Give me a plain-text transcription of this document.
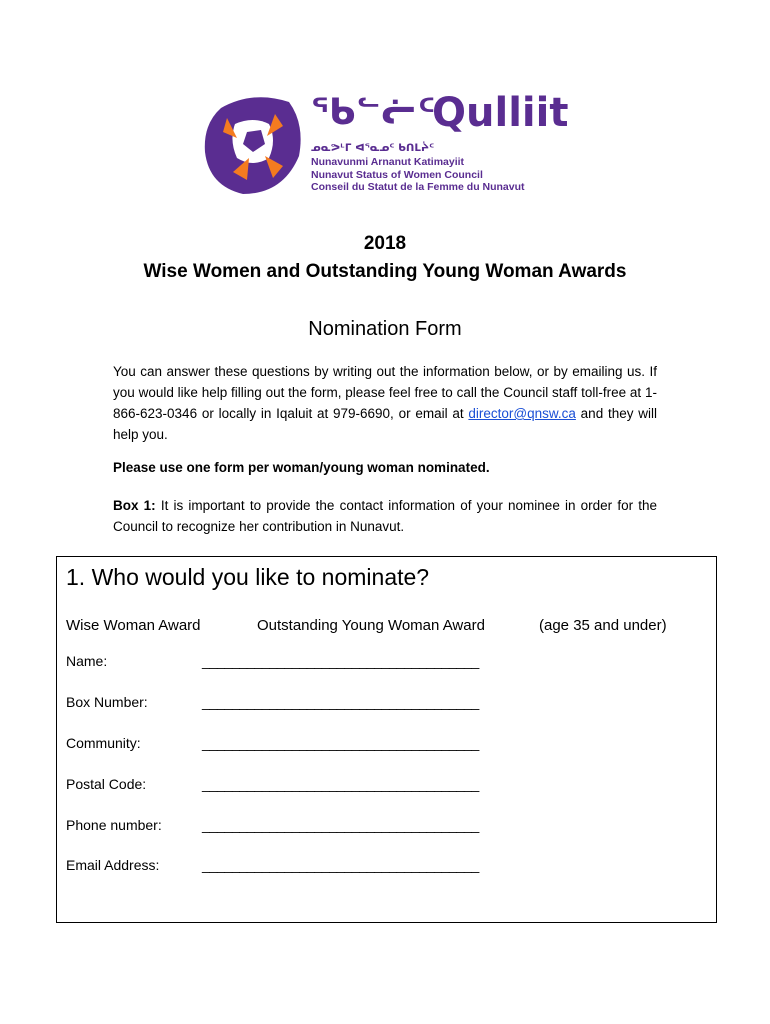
ᖃᓪᓖᑦ
Qulliit
ᓄᓇᕗᒻᒥ ᐊᕐᓇᓄᑦ ᑲᑎᒪᔩᑦ
Nunavunmi Arnanut Katimayiit
Nunavut Status of Women Council
Conseil du Statut de la Femme du Nunavut
2018
Wise Women and Outstanding Young Woman Awards
Nomination Form
You can answer these questions by writing out the information below, or by emailing us. If you would like help filling out the form, please feel free to call the Council staff toll-free at 1-866-623-0346 or locally in Iqaluit at 979-6690, or email at director@qnsw.ca and they will help you.
Please use one form per woman/young woman nominated.
Box 1: It is important to provide the contact information of your nominee in order for the Council to recognize her contribution in Nunavut.
1. Who would you like to nominate?
Wise Woman Award	Outstanding Young Woman Award	(age 35 and under)
Name:	_____________________________________
Box Number:	_____________________________________
Community:	_____________________________________
Postal Code:	_____________________________________
Phone number:	_____________________________________
Email Address:	_____________________________________
